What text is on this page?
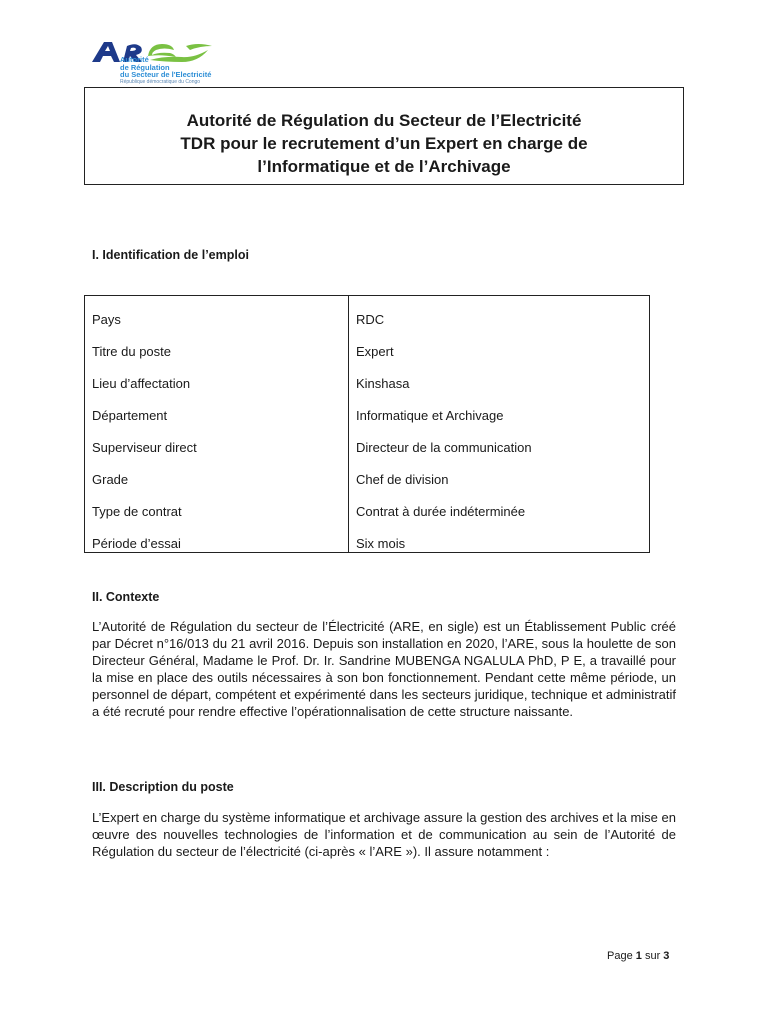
Autorité
de Régulation
du Secteur de l'Electricité
République démocratique du Congo
Autorité de Régulation du Secteur de l’Electricité
TDR pour le recrutement d’un Expert en charge de
l’Informatique et de l’Archivage
I. Identification de l’emploi
Pays	RDC
Titre du poste	Expert
Lieu d’affectation	Kinshasa
Département	Informatique et Archivage
Superviseur direct	Directeur de la communication
Grade	Chef de division
Type de contrat	Contrat à durée indéterminée
Période d’essai	Six mois
II. Contexte
L’Autorité de Régulation du secteur de l’Électricité (ARE, en sigle) est un Établissement Public créé par Décret n°16/013 du 21 avril 2016. Depuis son installation en 2020, l’ARE, sous la houlette de son Directeur Général, Madame le Prof. Dr. Ir. Sandrine MUBENGA NGALULA PhD, P E, a travaillé pour la mise en place des outils nécessaires à son bon fonctionnement. Pendant cette même période, un personnel de départ, compétent et expérimenté dans les secteurs juridique, technique et administratif a été recruté pour rendre effective l’opérationnalisation de cette structure naissante.
III. Description du poste
L’Expert en charge du système informatique et archivage assure la gestion des archives et la mise en œuvre des nouvelles technologies de l’information et de communication au sein de l’Autorité de Régulation du secteur de l’électricité (ci-après « l’ARE »). Il assure notamment :
Page 1 sur 3
